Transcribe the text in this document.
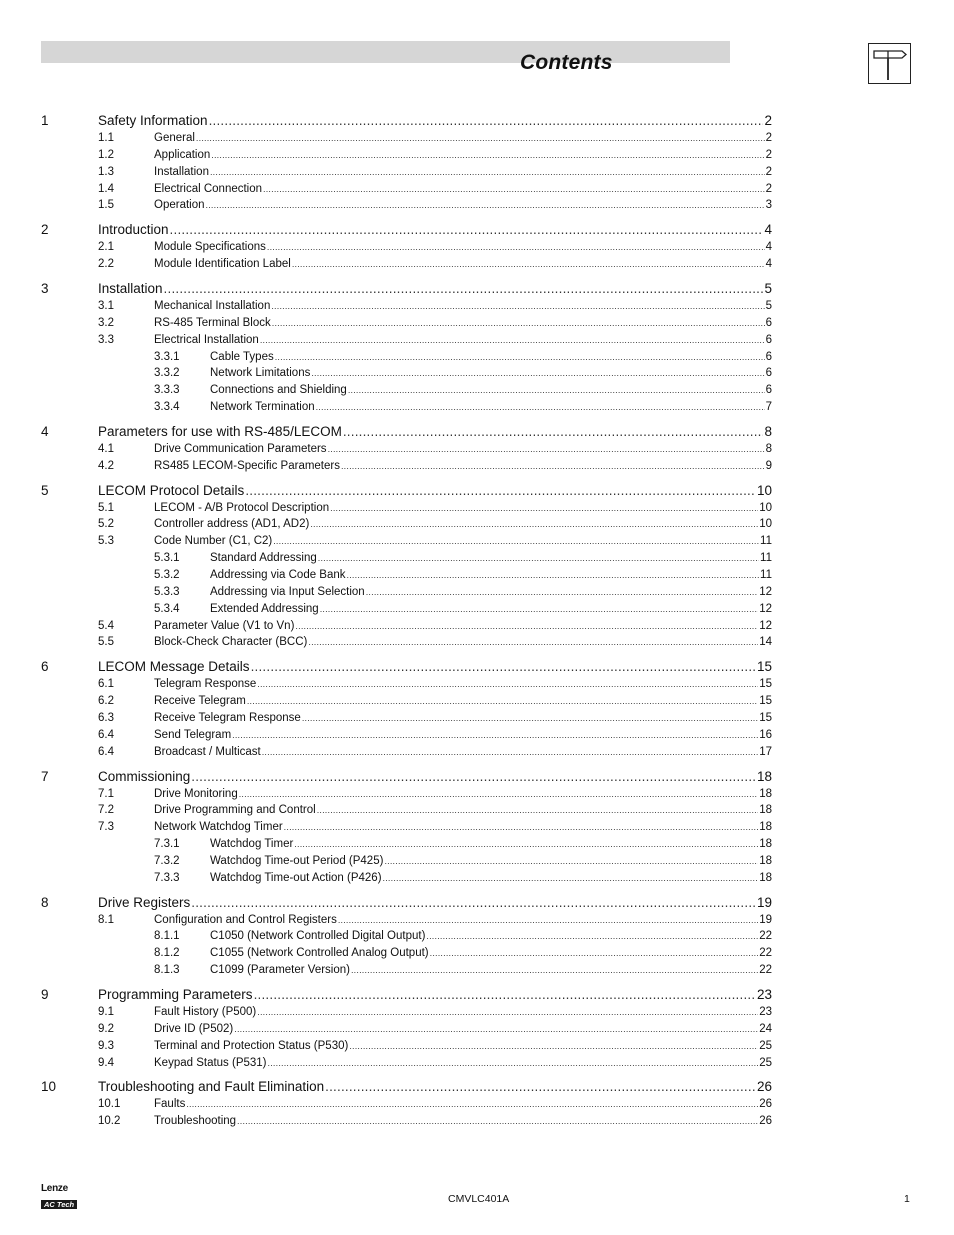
Contents
1	Safety Information .....	2
1.1	General .....	2
1.2	Application .....	2
1.3	Installation .....	2
1.4	Electrical Connection .....	2
1.5	Operation .....	3
2	Introduction .....	4
2.1	Module Specifications .....	4
2.2	Module Identification Label .....	4
3	Installation .....	5
3.1	Mechanical Installation .....	5
3.2	RS-485 Terminal Block .....	6
3.3	Electrical Installation .....	6
3.3.1	Cable Types .....	6
3.3.2	Network Limitations .....	6
3.3.3	Connections and Shielding .....	6
3.3.4	Network Termination .....	7
4	Parameters for use with RS-485/LECOM .....	8
4.1	Drive Communication Parameters .....	8
4.2	RS485 LECOM-Specific Parameters .....	9
5	LECOM Protocol Details .....	10
5.1	LECOM - A/B Protocol Description .....	10
5.2	Controller address (AD1, AD2) .....	10
5.3	Code Number (C1, C2) .....	11
5.3.1	Standard Addressing .....	11
5.3.2	Addressing via Code Bank .....	11
5.3.3	Addressing via Input Selection .....	12
5.3.4	Extended Addressing .....	12
5.4	Parameter Value (V1 to Vn) .....	12
5.5	Block-Check Character (BCC) .....	14
6	LECOM Message Details .....	15
6.1	Telegram Response .....	15
6.2	Receive Telegram .....	15
6.3	Receive Telegram Response .....	15
6.4	Send Telegram .....	16
6.4	Broadcast / Multicast .....	17
7	Commissioning .....	18
7.1	Drive Monitoring .....	18
7.2	Drive Programming and Control .....	18
7.3	Network Watchdog Timer .....	18
7.3.1	Watchdog Timer .....	18
7.3.2	Watchdog Time-out Period (P425) .....	18
7.3.3	Watchdog Time-out Action (P426) .....	18
8	Drive Registers .....	19
8.1	Configuration and Control Registers .....	19
8.1.1	C1050 (Network Controlled Digital Output) .....	22
8.1.2	C1055 (Network Controlled Analog Output) .....	22
8.1.3	C1099 (Parameter Version) .....	22
9	Programming Parameters .....	23
9.1	Fault History (P500) .....	23
9.2	Drive ID (P502) .....	24
9.3	Terminal and Protection Status (P530) .....	25
9.4	Keypad Status (P531) .....	25
10	Troubleshooting and Fault Elimination .....	26
10.1	Faults .....	26
10.2	Troubleshooting .....	26
Lenze
AC Tech	CMVLC401A	1
